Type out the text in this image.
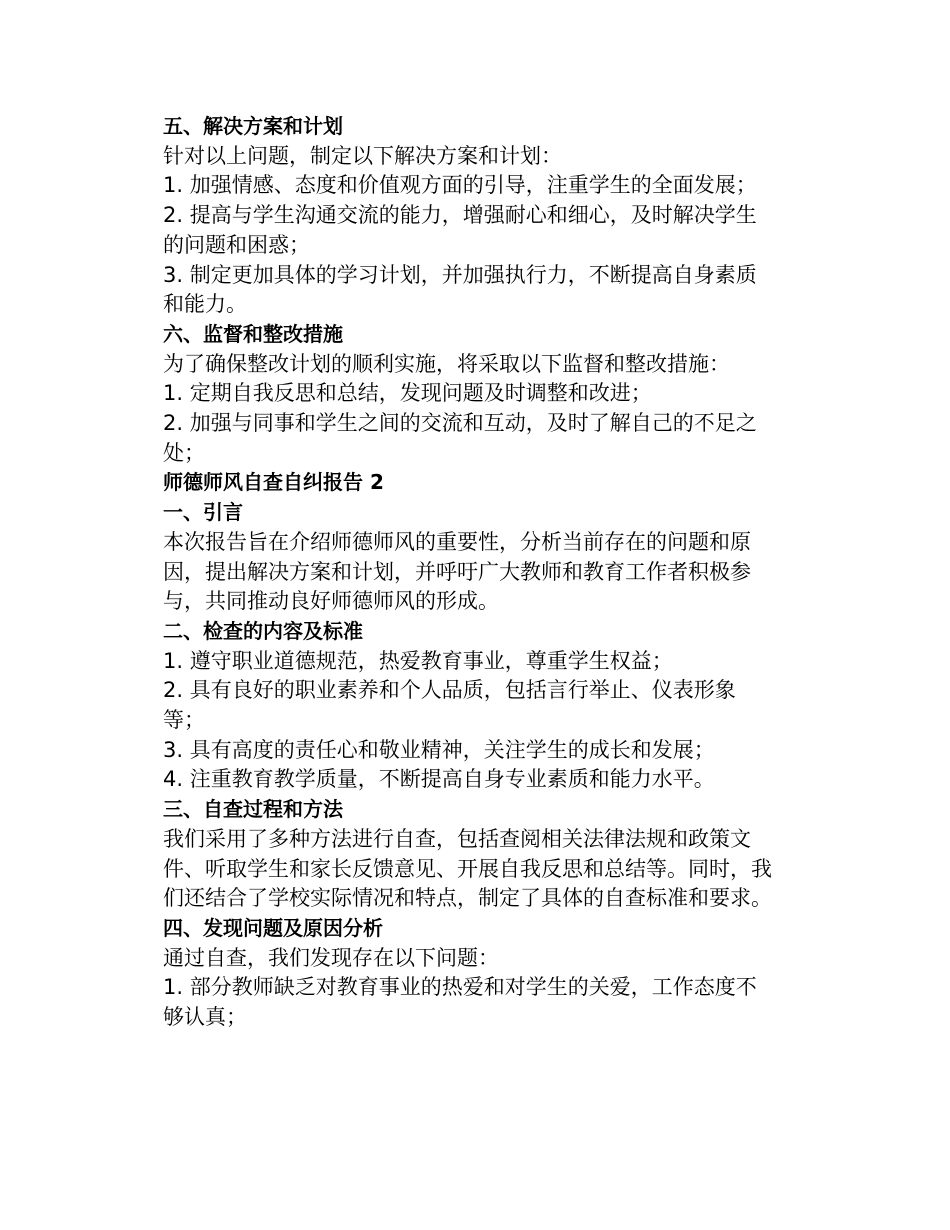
五、解决方案和计划

针对以上问题，制定以下解决方案和计划：

1. 加强情感、态度和价值观方面的引导，注重学生的全面发展；

2. 提高与学生沟通交流的能力，增强耐心和细心，及时解决学生的问题和困惑；

3. 制定更加具体的学习计划，并加强执行力，不断提高自身素质和能力。

六、监督和整改措施

为了确保整改计划的顺利实施，将采取以下监督和整改措施：

1. 定期自我反思和总结，发现问题及时调整和改进；

2. 加强与同事和学生之间的交流和互动，及时了解自己的不足之处；

师德师风自查自纠报告 2

一、引言

本次报告旨在介绍师德师风的重要性，分析当前存在的问题和原因，提出解决方案和计划，并呼吁广大教师和教育工作者积极参与，共同推动良好师德师风的形成。

二、检查的内容及标准

1. 遵守职业道德规范，热爱教育事业，尊重学生权益；

2. 具有良好的职业素养和个人品质，包括言行举止、仪表形象等；

3. 具有高度的责任心和敬业精神，关注学生的成长和发展；

4. 注重教育教学质量，不断提高自身专业素质和能力水平。

三、自查过程和方法

我们采用了多种方法进行自查，包括查阅相关法律法规和政策文件、听取学生和家长反馈意见、开展自我反思和总结等。同时，我们还结合了学校实际情况和特点，制定了具体的自查标准和要求。

四、发现问题及原因分析

通过自查，我们发现存在以下问题：

1. 部分教师缺乏对教育事业的热爱和对学生的关爱，工作态度不够认真；
